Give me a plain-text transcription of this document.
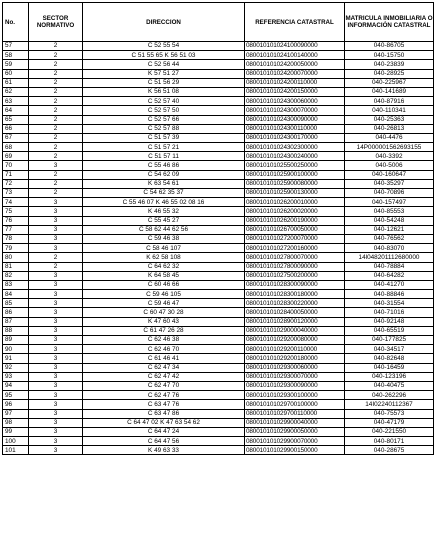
No.	SECTOR NORMATIVO	DIRECCION	REFERENCIA CATASTRAL	MATRICULA INMOBILIARIA O INFORMACIÓN CATASTRAL
57	2	C 52 55 54	080010101024100090000	040-86705
58	2	C 51 55 65 K 56 51 03	080010101024100140000	040-15750
59	2	C 52 56 44	080010101024200050000	040-23839
60	2	K 57 51 27	080010101024200070000	040-28925
61	2	C 51 56 29	080010101024200110000	040-225967
62	2	K 56 51 08	080010101024200150000	040-141689
63	2	C 52 57 40	080010101024300060000	040-87916
64	2	C 52 57 50	080010101024300070000	040-110341
65	2	C 52 57 66	080010101024300090000	040-25363
66	2	C 52 57 88	080010101024300110000	040-26813
67	2	C 51 57 39	080010101024300170000	040-4476
68	2	C 51 57 21	080010101024302300000	14P000001562693155
69	2	C 51 57 11	080010101024300240000	040-3392
70	3	C 55 46 86	080010101025500250000	040-5006
71	2	C 54 62 09	080010101025900100000	040-160647
72	2	K 63 54 61	080010101025900080000	040-35297
73	2	C 54 62 35 37	080010101025900130000	040-70896
74	3	C 55 46 07 K 46 55 02 08 16	080010101026200010000	040-157497
75	3	K 46 55 32	080010101026200020000	040-85553
76	3	C 55 45 27	080010101026200190000	040-54248
77	3	C 58 62 44 62 56	080010101026700050000	040-12621
78	3	C 59 46 38	080010101027200070000	040-76562
79	3	C 58 46 107	080010101027200160000	040-83070
80	2	K 62 58 108	080010101027800070000	14l048201112680000
81	2	C 64 62 32	080010101027800090000	040-78884
82	3	K 64 58 45	080010101027500200000	040-64282
83	3	C 60 46 66	080010101028300090000	040-41270
84	3	C 59 46 105	080010101028300180000	040-88846
85	3	C 59 46 47	080010101028300220000	040-31554
86	3	C 60 47 30 28	080010101028400050000	040-71016
87	3	K 47 60 43	080010101028900120000	040-92148
88	3	C 61 47 26 28	080010101029000040000	040-65519
89	3	C 62 46 38	080010101029200080000	040-177825
90	3	C 62 46 70	080010101029200110000	040-34517
91	3	C 61 46 41	080010101029200180000	040-82648
92	3	C 62 47 34	080010101029300060000	040-16459
93	3	C 62 47 42	080010101029300070000	040-123196
94	3	C 62 47 70	080010101029300090000	040-40475
95	3	C 62 47 76	080010101029300100000	040-262296
96	3	C 63 47 76	080010101029700100000	14I02240112367
97	3	C 63 47 86	080010101029700110000	040-75573
98	3	C 64 47 02 K 47 63 54 62	080010101029900040000	040-47179
99	3	C 64 47 24	080010101029900050000	040-221550
100	3	C 64 47 56	080010101029900070000	040-80171
101	3	K 49 63 33	080010101029900150000	040-28675
